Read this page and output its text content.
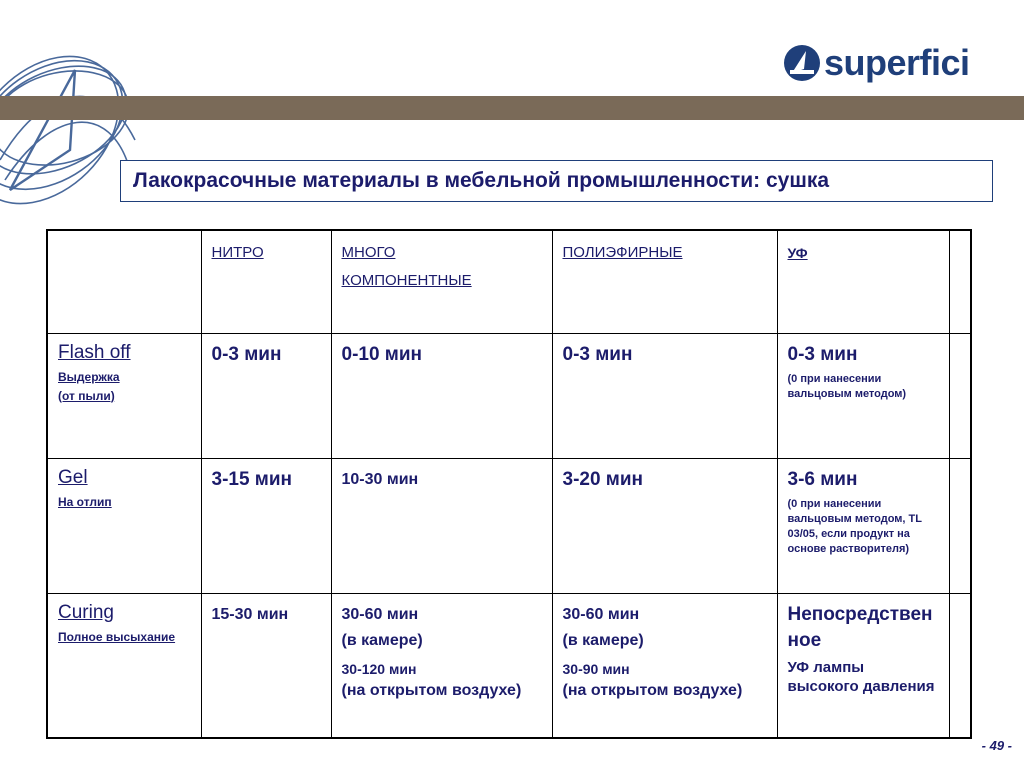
superfici
Лакокрасочные материалы в мебельной промышленности: сушка
	НИТРО	МНОГО
КОМПОНЕНТНЫЕ	ПОЛИЭФИРНЫЕ	УФ	

Flash off
Выдержка
(от пыли)	0-3 мин	0-10 мин	0-3 мин	0-3 мин
(0 при нанесении вальцовым методом)	

Gel
На отлип	3-15 мин	10-30 мин	3-20 мин	3-6 мин
(0 при нанесении вальцовым методом, TL 03/05, если продукт на основе растворителя)	

Curing
Полное высыхание	15-30 мин	30-60 мин
(в камере)
30-120 мин
(на открытом воздухе)	30-60 мин
(в камере)
30-90 мин
(на открытом воздухе)	Непосредственное
УФ лампы высокого давления	

- 49 -
